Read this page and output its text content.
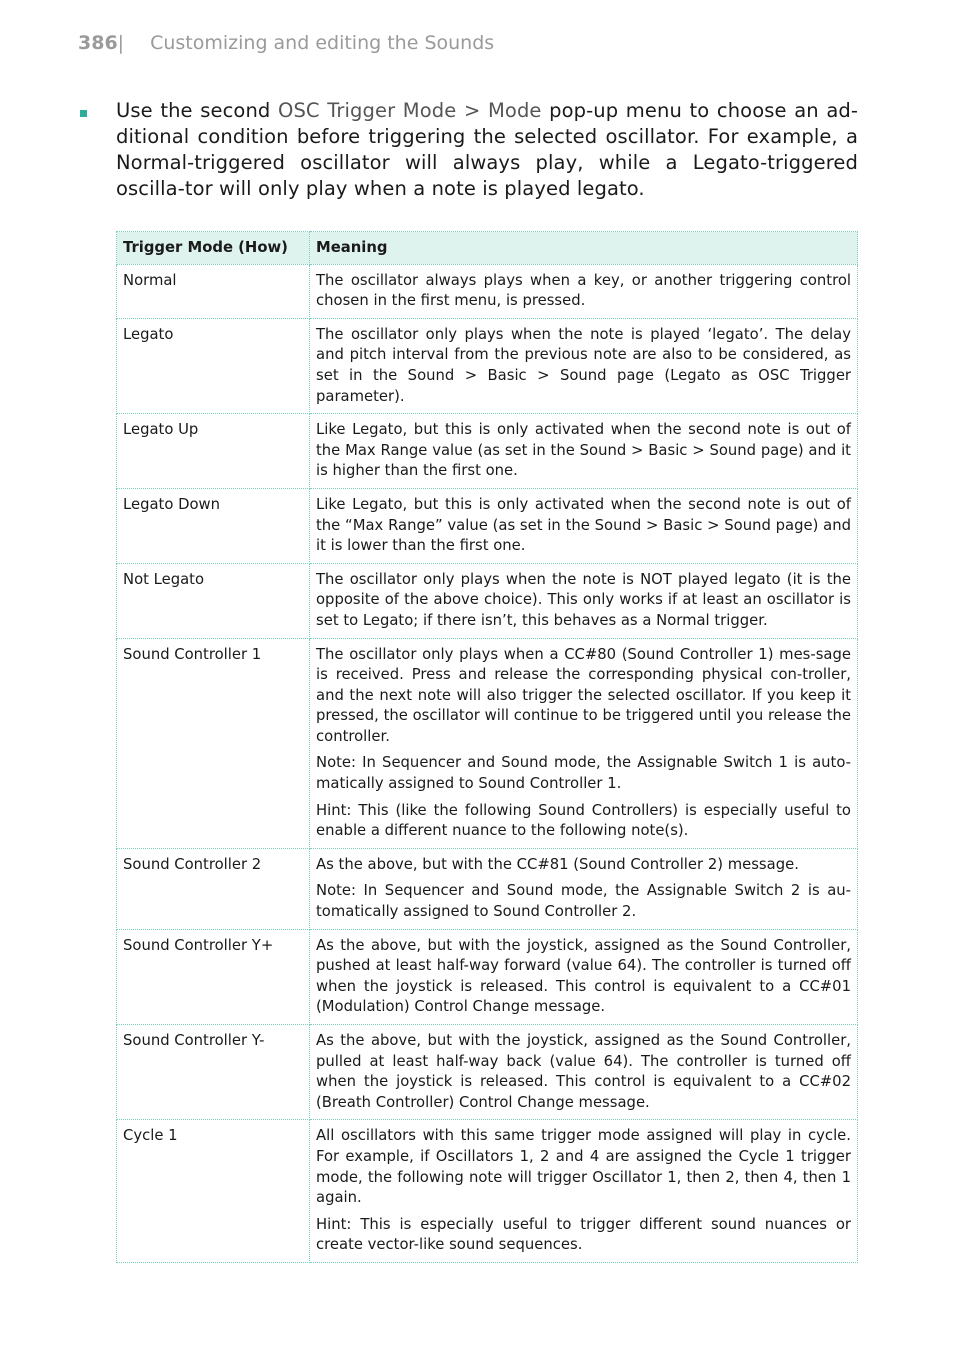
386| Customizing and editing the Sounds
Use the second OSC Trigger Mode > Mode pop-up menu to choose an ad-ditional condition before triggering the selected oscillator. For example, a Normal-triggered oscillator will always play, while a Legato-triggered oscilla-tor will only play when a note is played legato.
Trigger Mode (How)	Meaning
Normal	The oscillator always plays when a key, or another triggering control chosen in the first menu, is pressed.

Legato	The oscillator only plays when the note is played ‘legato’. The delay and pitch interval from the previous note are also to be considered, as set in the Sound > Basic > Sound page (Legato as OSC Trigger parameter).

Legato Up	Like Legato, but this is only activated when the second note is out of the Max Range value (as set in the Sound > Basic > Sound page) and it is higher than the first one.

Legato Down	Like Legato, but this is only activated when the second note is out of the “Max Range” value (as set in the Sound > Basic > Sound page) and it is lower than the first one.

Not Legato	The oscillator only plays when the note is NOT played legato (it is the opposite of the above choice). This only works if at least an oscillator is set to Legato; if there isn’t, this behaves as a Normal trigger.

Sound Controller 1	The oscillator only plays when a CC#80 (Sound Controller 1) mes-sage is received. Press and release the corresponding physical con-troller, and the next note will also trigger the selected oscillator. If you keep it pressed, the oscillator will continue to be triggered until you release the controller.

Note: In Sequencer and Sound mode, the Assignable Switch 1 is auto-matically assigned to Sound Controller 1.

Hint: This (like the following Sound Controllers) is especially useful to enable a different nuance to the following note(s).

Sound Controller 2	As the above, but with the CC#81 (Sound Controller 2) message.

Note: In Sequencer and Sound mode, the Assignable Switch 2 is au-tomatically assigned to Sound Controller 2.

Sound Controller Y+	As the above, but with the joystick, assigned as the Sound Controller, pushed at least half-way forward (value 64). The controller is turned off when the joystick is released. This control is equivalent to a CC#01 (Modulation) Control Change message.

Sound Controller Y-	As the above, but with the joystick, assigned as the Sound Controller, pulled at least half-way back (value 64). The controller is turned off when the joystick is released. This control is equivalent to a CC#02 (Breath Controller) Control Change message.

Cycle 1	All oscillators with this same trigger mode assigned will play in cycle. For example, if Oscillators 1, 2 and 4 are assigned the Cycle 1 trigger mode, the following note will trigger Oscillator 1, then 2, then 4, then 1 again.

Hint: This is especially useful to trigger different sound nuances or create vector-like sound sequences.
